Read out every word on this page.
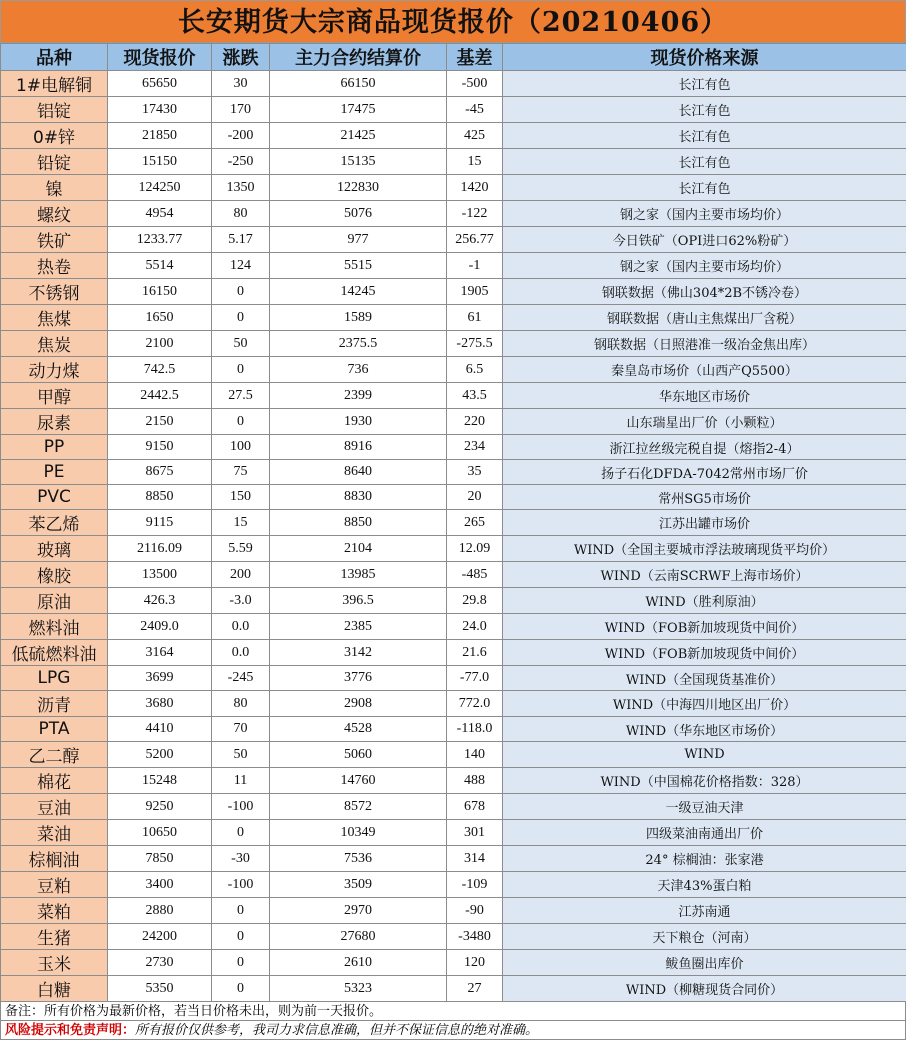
长安期货大宗商品现货报价（20210406）
品种	现货报价	涨跌	主力合约结算价	基差	现货价格来源
1#电解铜	65650	30	66150	-500	长江有色
铝锭	17430	170	17475	-45	长江有色
0#锌	21850	-200	21425	425	长江有色
铅锭	15150	-250	15135	15	长江有色
镍	124250	1350	122830	1420	长江有色
螺纹	4954	80	5076	-122	钢之家（国内主要市场均价）
铁矿	1233.77	5.17	977	256.77	今日铁矿（OPI进口62%粉矿）
热卷	5514	124	5515	-1	钢之家（国内主要市场均价）
不锈钢	16150	0	14245	1905	钢联数据（佛山304*2B不锈冷卷）
焦煤	1650	0	1589	61	钢联数据（唐山主焦煤出厂含税）
焦炭	2100	50	2375.5	-275.5	钢联数据（日照港准一级冶金焦出库）
动力煤	742.5	0	736	6.5	秦皇岛市场价（山西产Q5500）
甲醇	2442.5	27.5	2399	43.5	华东地区市场价
尿素	2150	0	1930	220	山东瑞星出厂价（小颗粒）
PP	9150	100	8916	234	浙江拉丝级完税自提（熔指2-4）
PE	8675	75	8640	35	扬子石化DFDA-7042常州市场厂价
PVC	8850	150	8830	20	常州SG5市场价
苯乙烯	9115	15	8850	265	江苏出罐市场价
玻璃	2116.09	5.59	2104	12.09	WIND（全国主要城市浮法玻璃现货平均价）
橡胶	13500	200	13985	-485	WIND（云南SCRWF上海市场价）
原油	426.3	-3.0	396.5	29.8	WIND（胜利原油）
燃料油	2409.0	0.0	2385	24.0	WIND（FOB新加坡现货中间价）
低硫燃料油	3164	0.0	3142	21.6	WIND（FOB新加坡现货中间价）
LPG	3699	-245	3776	-77.0	WIND（全国现货基准价）
沥青	3680	80	2908	772.0	WIND（中海四川地区出厂价）
PTA	4410	70	4528	-118.0	WIND（华东地区市场价）
乙二醇	5200	50	5060	140	WIND
棉花	15248	11	14760	488	WIND（中国棉花价格指数：328）
豆油	9250	-100	8572	678	一级豆油天津
菜油	10650	0	10349	301	四级菜油南通出厂价
棕榈油	7850	-30	7536	314	24° 棕榈油：张家港
豆粕	3400	-100	3509	-109	天津43%蛋白粕
菜粕	2880	0	2970	-90	江苏南通
生猪	24200	0	27680	-3480	天下粮仓（河南）
玉米	2730	0	2610	120	鲅鱼圈出库价
白糖	5350	0	5323	27	WIND（柳糖现货合同价）
备注：所有价格为最新价格，若当日价格未出，则为前一天报价。
风险提示和免责声明：所有报价仅供参考，我司力求信息准确，但并不保证信息的绝对准确。
